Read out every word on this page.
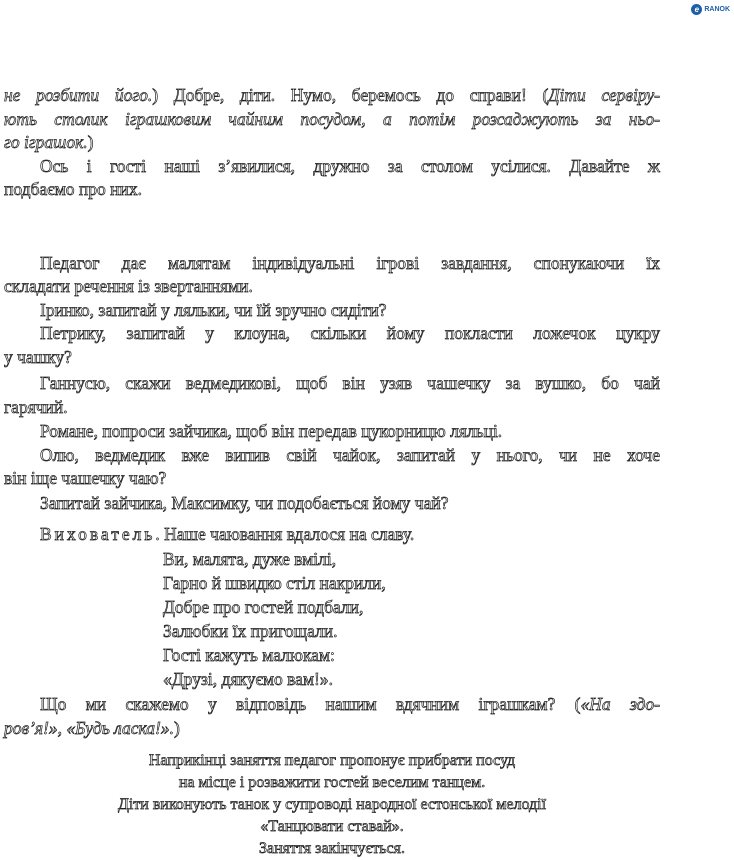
e RANOK
не розбити його.) Добре, діти. Нумо, беремось до справи! (Діти сервіру-
ють столик іграшковим чайним посудом, а потім розсаджують за ньо-
го іграшок.)
Ось і гості наші з’явилися, дружно за столом усілися. Давайте ж
подбаємо про них.
Педагог дає малятам індивідуальні ігрові завдання, спонукаючи їх
складати речення із звертаннями.
Іринко, запитай у ляльки, чи їй зручно сидіти?
Петрику, запитай у клоуна, скільки йому покласти ложечок цукру
у чашку?
Ганнусю, скажи ведмедикові, щоб він узяв чашечку за вушко, бо чай
гарячий.
Романе, попроси зайчика, щоб він передав цукорницю ляльці.
Олю, ведмедик вже випив свій чайок, запитай у нього, чи не хоче
він іще чашечку чаю?
Запитай зайчика, Максимку, чи подобається йому чай?
Вихователь. Наше чаювання вдалося на славу.
Ви, малята, дуже вмілі,
Гарно й швидко стіл накрили,
Добре про гостей подбали,
Залюбки їх пригощали.
Гості кажуть малюкам:
«Друзі, дякуємо вам!».
Що ми скажемо у відповідь нашим вдячним іграшкам? («На здо-
ров’я!», «Будь ласка!».)
Наприкінці заняття педагог пропонує прибрати посуд
на місце і розважити гостей веселим танцем.
Діти виконують танок у супроводі народної естонської мелодії
«Танцювати ставай».
Заняття закінчується.
